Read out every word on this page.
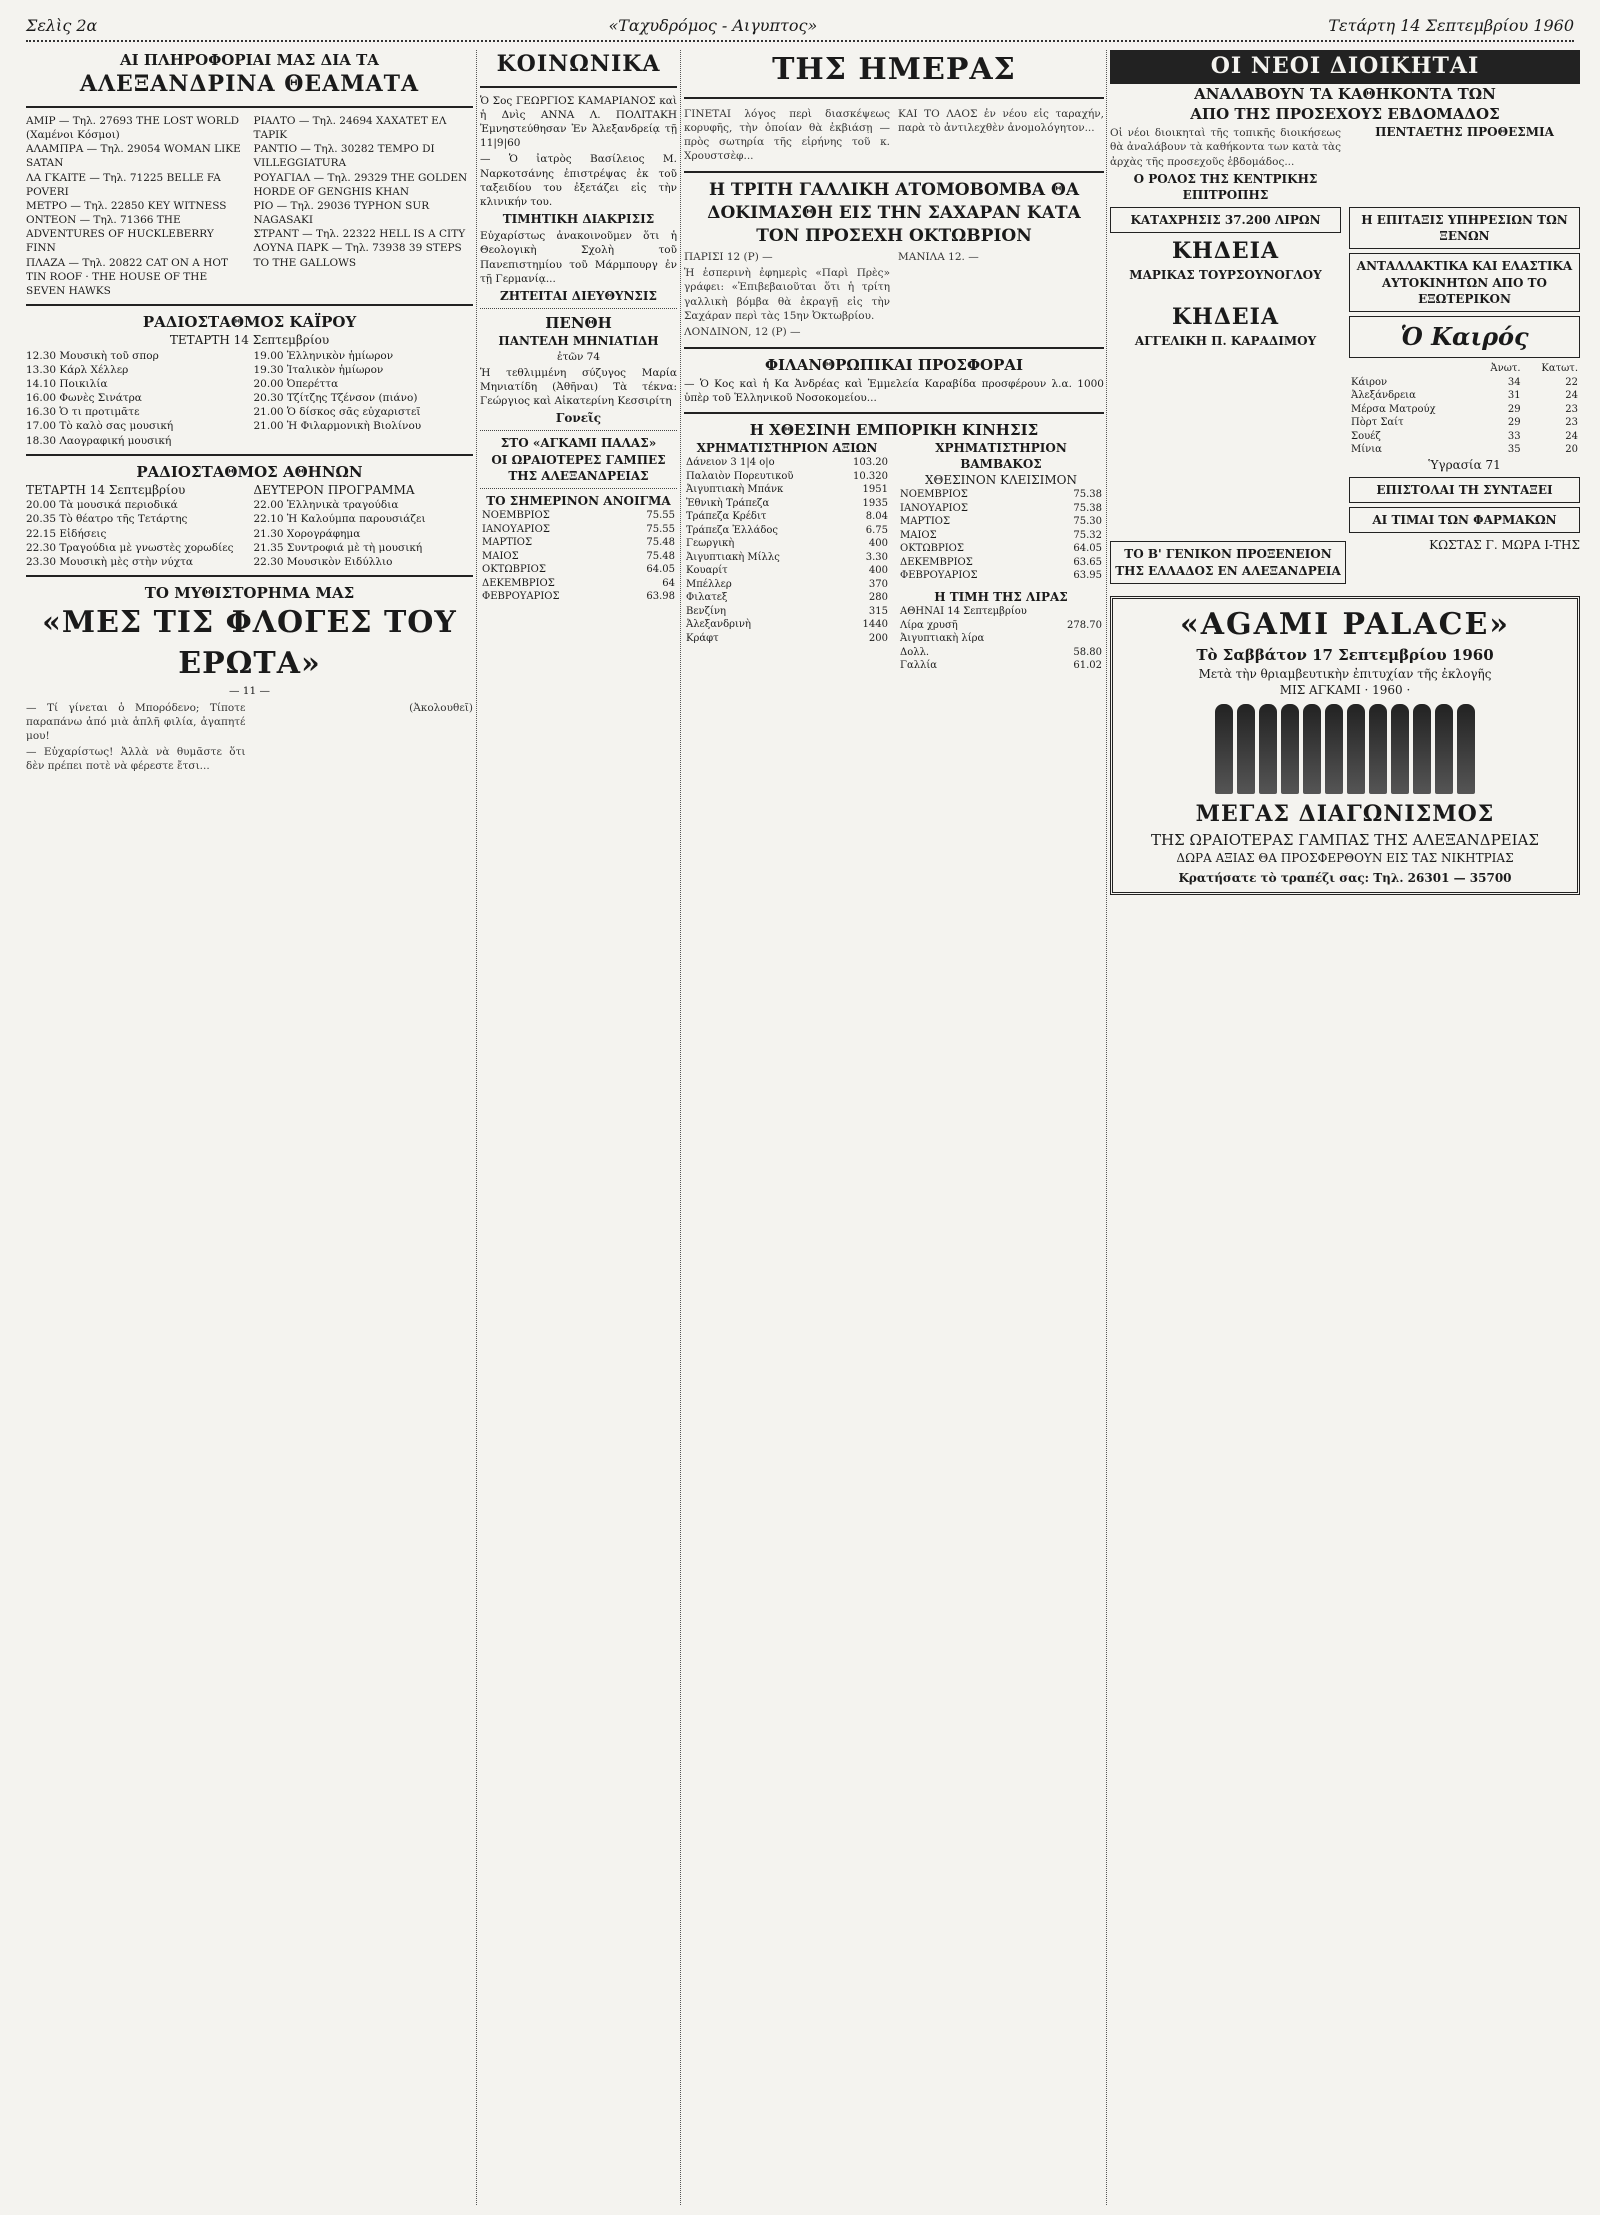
Σελὶς 2α	«Ταχυδρόμος - Αιγυπτος»	Τετάρτη 14 Σεπτεμβρίου 1960
ΑΙ ΠΛΗΡΟΦΟΡΙΑΙ ΜΑΣ ΔΙΑ ΤΑ
ΑΛΕΞΑΝΔΡΙΝΑ ΘΕΑΜΑΤΑ
ΑΜΙΡ — Τηλ. 27693 THE LOST WORLD (Χαμένοι Κόσμοι)
ΑΛΑΜΠΡΑ — Τηλ. 29054 WOMAN LIKE SATAN
ΛΑ ΓΚΑΙΤΕ — Τηλ. 71225 BELLE FA POVERI
ΜΕΤΡΟ — Τηλ. 22850 KEY WITNESS
ΟΝΤΕΟΝ — Τηλ. 71366 THE ADVENTURES OF HUCKLEBERRY FINN
ΠΛΑΖΑ — Τηλ. 20822 CAT ON A HOT TIN ROOF · THE HOUSE OF THE SEVEN HAWKS
ΡΙΑΛΤΟ — Τηλ. 24694 ΧΑΧΑΤΕΤ ΕΛ ΤΑΡΙΚ
ΡΑΝΤΙΟ — Τηλ. 30282 TEMPO DI VILLEGGIATURA
ΡΟΥΑΓΙΑΛ — Τηλ. 29329 THE GOLDEN HORDE OF GENGHIS KHAN
ΡΙΟ — Τηλ. 29036 TYPHON SUR NAGASAKI
ΣΤΡΑΝΤ — Τηλ. 22322 HELL IS A CITY
ΛΟΥΝΑ ΠΑΡΚ — Τηλ. 73938 39 STEPS TO THE GALLOWS
ΡΑΔΙΟΣΤΑΘΜΟΣ ΚΑΪΡΟΥ
ΤΕΤΑΡΤΗ 14 Σεπτεμβρίου
12.30 Μουσικὴ τοῦ σπορ
13.30 Κάρλ Χέλλερ
14.10 Ποικιλία
16.00 Φωνὲς Σινάτρα
16.30 Ὁ τι προτιμᾶτε
17.00 Τὸ καλὸ σας μουσική
18.30 Λαογραφική μουσική
19.00 Ἑλληνικὸν ἡμίωρον
19.30 Ἰταλικὸν ἡμίωρον
20.00 Ὀπερέττα
20.30 Τζίτζης Τζένσον (πιάνο)
21.00 Ὁ δίσκος σᾶς εὐχαριστεῖ
21.00 Ἡ Φιλαρμονικὴ Βιολίνου
ΡΑΔΙΟΣΤΑΘΜΟΣ ΑΘΗΝΩΝ
ΤΕΤΑΡΤΗ 14 Σεπτεμβρίου
20.00 Τὰ μουσικά περιοδικά
20.35 Τὸ θέατρο τῆς Τετάρτης
22.15 Εἰδήσεις
22.30 Τραγούδια μὲ γνωστὲς χορωδίες
23.30 Μουσικὴ μὲς στὴν νύχτα
ΔΕΥΤΕΡΟΝ ΠΡΟΓΡΑΜΜΑ
22.00 Ἑλληνικὰ τραγούδια
22.10 Ἡ Καλούμπα παρουσιάζει
21.30 Χορογράφημα
21.35 Συντροφιά μὲ τὴ μουσική
22.30 Μουσικὸν Ειδύλλιο
ΤΟ ΜΥΘΙΣΤΟΡΗΜΑ ΜΑΣ
«ΜΕΣ ΤΙΣ ΦΛΟΓΕΣ ΤΟΥ ΕΡΩΤΑ»
— 11 —

— Τί γίνεται ὁ Μπορόδενο; Τίποτε παραπάνω ἀπό μιὰ ἁπλῆ φιλία, ἀγαπητέ μου!

— Εὐχαρίστως! Ἀλλὰ νὰ θυμᾶστε ὅτι δὲν πρέπει ποτὲ νὰ φέρεστε ἔτσι...

(Ἀκολουθεῖ)

ΚΟΙΝΩΝΙΚΑ

Ὁ Σος ΓΕΩΡΓΙΟΣ ΚΑΜΑΡΙΑΝΟΣ καὶ ἡ Δνὶς ΑΝΝΑ Λ. ΠΟΛΙΤΑΚΗ Ἐμνηστεύθησαν Ἐν Ἀλεξανδρείᾳ τῇ 11|9|60

— Ὁ ἰατρὸς Βασίλειος Μ. Ναρκοτσάνης ἐπιστρέψας ἐκ τοῦ ταξειδίου του ἐξετάζει εἰς τὴν κλινικήν του.

ΤΙΜΗΤΙΚΗ ΔΙΑΚΡΙΣΙΣ

Εὐχαρίστως ἀνακοινοῦμεν ὅτι ἡ Θεολογικὴ Σχολὴ τοῦ Πανεπιστημίου τοῦ Μάρμπουργ ἐν τῇ Γερμανίᾳ...

ΖΗΤΕΙΤΑΙ ΔΙΕΥΘΥΝΣΙΣ
ΠΕΝΘΗ
ΠΑΝΤΕΛΗ ΜΗΝΙΑΤΙΔΗ
ἐτῶν 74

Ἡ τεθλιμμένη σύζυγος Μαρία Μηνιατίδη (Ἀθῆναι) Τὰ τέκνα: Γεώργιος καὶ Αἰκατερίνη Κεσσιρίτη

Γονεῖς
ΣΤΟ «ΑΓΚΑΜΙ ΠΑΛΑΣ»
ΟΙ ΩΡΑΙΟΤΕΡΕΣ ΓΑΜΠΕΣ ΤΗΣ ΑΛΕΞΑΝΔΡΕΙΑΣ
ΤΟ ΣΗΜΕΡΙΝΟΝ ΑΝΟΙΓΜΑ
ΝΟΕΜΒΡΙΟΣ	75.55
ΙΑΝΟΥΑΡΙΟΣ	75.55
ΜΑΡΤΙΟΣ	75.48
ΜΑΙΟΣ	75.48
ΟΚΤΩΒΡΙΟΣ	64.05
ΔΕΚΕΜΒΡΙΟΣ	64
ΦΕΒΡΟΥΑΡΙΟΣ	63.98
ΤΗΣ ΗΜΕΡΑΣ

ΓΙΝΕΤΑΙ λόγος περὶ διασκέψεως κορυφῆς, τὴν ὁποίαν θὰ ἐκβιάσῃ — πρὸς σωτηρία τῆς εἰρήνης τοῦ κ. Χρουστσὲφ...

ΚΑΙ ΤΟ ΛΑΟΣ ἐν νέου εἰς ταραχήν, παρὰ τὸ ἀντιλεχθὲν ἀνομολόγητον...

Η ΤΡΙΤΗ ΓΑΛΛΙΚΗ ΑΤΟΜΟΒΟΜΒΑ ΘΑ ΔΟΚΙΜΑΣΘΗ ΕΙΣ ΤΗΝ ΣΑΧΑΡΑΝ ΚΑΤΑ ΤΟΝ ΠΡΟΣΕΧΗ ΟΚΤΩΒΡΙΟΝ

ΠΑΡΙΣΙ 12 (Ρ) —

Ἡ ἐσπερινὴ ἐφημερὶς «Παρὶ Πρὲς» γράφει: «Ἐπιβεβαιοῦται ὅτι ἡ τρίτη γαλλικὴ βόμβα θὰ ἐκραγῇ εἰς τὴν Σαχάραν περὶ τὰς 15ην Ὀκτωβρίου.

ΛΟΝΔΙΝΟΝ, 12 (Ρ) —

ΜΑΝΙΛΑ 12. —

ΦΙΛΑΝΘΡΩΠΙΚΑΙ ΠΡΟΣΦΟΡΑΙ

— Ὁ Κος καὶ ἡ Κα Ἀνδρέας καὶ Ἐμμελεία Καραβίδα προσφέρουν λ.α. 1000 ὑπὲρ τοῦ Ἑλληνικοῦ Νοσοκομείου...

Η ΧΘΕΣΙΝΗ ΕΜΠΟΡΙΚΗ ΚΙΝΗΣΙΣ
ΧΡΗΜΑΤΙΣΤΗΡΙΟΝ ΑΞΙΩΝ
Δάνειον 3 1|4 ο|ο	103.20
Παλαιὸν Πορευτικοῦ	10.320
Ἀιγυπτιακὴ Μπάνκ	1951
Ἐθνικὴ Τράπεζα	1935
Τράπεζα Κρέδιτ	8.04
Τράπεζα Ἐλλάδος	6.75
Γεωργικὴ	400
Ἀιγυπτιακὴ Μίλλς	3.30
Κουαρίτ	400
Μπέλλερ	370
Φιλατεξ	280
Βενζίνη	315
Ἀλεξανδρινὴ	1440
Κράφτ	200
ΧΡΗΜΑΤΙΣΤΗΡΙΟΝ ΒΑΜΒΑΚΟΣ
ΧΘΕΣΙΝΟΝ ΚΛΕΙΣΙΜΟΝ
ΝΟΕΜΒΡΙΟΣ	75.38
ΙΑΝΟΥΑΡΙΟΣ	75.38
ΜΑΡΤΙΟΣ	75.30
ΜΑΙΟΣ	75.32
ΟΚΤΩΒΡΙΟΣ	64.05
ΔΕΚΕΜΒΡΙΟΣ	63.65
ΦΕΒΡΟΥΑΡΙΟΣ	63.95
Η ΤΙΜΗ ΤΗΣ ΛΙΡΑΣ
ΑΘΗΝΑΙ 14 Σεπτεμβρίου	
Λίρα χρυσῆ	278.70
Ἀιγυπτιακὴ λίρα	
Δολλ.	58.80
Γαλλία	61.02
ΟΙ ΝΕΟΙ ΔΙΟΙΚΗΤΑΙ
ΑΝΑΛΑΒΟΥΝ ΤΑ ΚΑΘΗΚΟΝΤΑ ΤΩΝ
ΑΠΟ ΤΗΣ ΠΡΟΣΕΧΟΥΣ ΕΒΔΟΜΑΔΟΣ

Οἱ νέοι διοικηταὶ τῆς τοπικῆς διοικήσεως θὰ ἀναλάβουν τὰ καθήκοντα των κατὰ τὰς ἀρχὰς τῆς προσεχοῦς ἑβδομάδος...

Ο ΡΟΛΟΣ ΤΗΣ ΚΕΝΤΡΙΚΗΣ ΕΠΙΤΡΟΠΗΣ
ΠΕΝΤΑΕΤΗΣ ΠΡΟΘΕΣΜΙΑ
ΚΑΤΑΧΡΗΣΙΣ 37.200 ΛΙΡΩΝ
ΚΗΔΕΙΑ
ΜΑΡΙΚΑΣ ΤΟΥΡΣΟΥΝΟΓΛΟΥ
ΚΗΔΕΙΑ
ΑΓΓΕΛΙΚΗ Π. ΚΑΡΑΔΙΜΟΥ
Η ΕΠΙΤΑΞΙΣ ΥΠΗΡΕΣΙΩΝ ΤΩΝ ΞΕΝΩΝ
ΑΝΤΑΛΛΑΚΤΙΚΑ ΚΑΙ ΕΛΑΣΤΙΚΑ ΑΥΤΟΚΙΝΗΤΩΝ ΑΠΟ ΤΟ ΕΞΩΤΕΡΙΚΟΝ
Ὁ Καιρός
	Ἀνωτ.	Κατωτ.
Κάιρον	34	22
Ἀλεξάνδρεια	31	24
Μέρσα Ματρούχ	29	23
Πὸρτ Σαίτ	29	23
Σουέζ	33	24
Μίνια	35	20
Ὑγρασία 71
ΕΠΙΣΤΟΛΑΙ ΤΗ ΣΥΝΤΑΞΕΙ
ΑΙ ΤΙΜΑΙ ΤΩΝ ΦΑΡΜΑΚΩΝ
ΤΟ Β' ΓΕΝΙΚΟΝ ΠΡΟΞΕΝΕΙΟΝ ΤΗΣ ΕΛΛΑΔΟΣ ΕΝ ΑΛΕΞΑΝΔΡΕΙΑ
ΚΩΣΤΑΣ Γ. ΜΩΡΑ Ι-ΤΗΣ
«AGAMI PALACE»
Τὸ Σαββάτον 17 Σεπτεμβρίου 1960
Μετὰ τὴν θριαμβευτικὴν ἐπιτυχίαν τῆς ἐκλογῆς
ΜΙΣ ΑΓΚΑΜΙ · 1960 ·
ΜΕΓΑΣ ΔΙΑΓΩΝΙΣΜΟΣ
ΤΗΣ ΩΡΑΙΟΤΕΡΑΣ ΓΑΜΠΑΣ ΤΗΣ ΑΛΕΞΑΝΔΡΕΙΑΣ
ΔΩΡΑ ΑΞΙΑΣ ΘΑ ΠΡΟΣΦΕΡΘΟΥΝ ΕΙΣ ΤΑΣ ΝΙΚΗΤΡΙΑΣ
Κρατήσατε τὸ τραπέζι σας: Τηλ. 26301 — 35700
